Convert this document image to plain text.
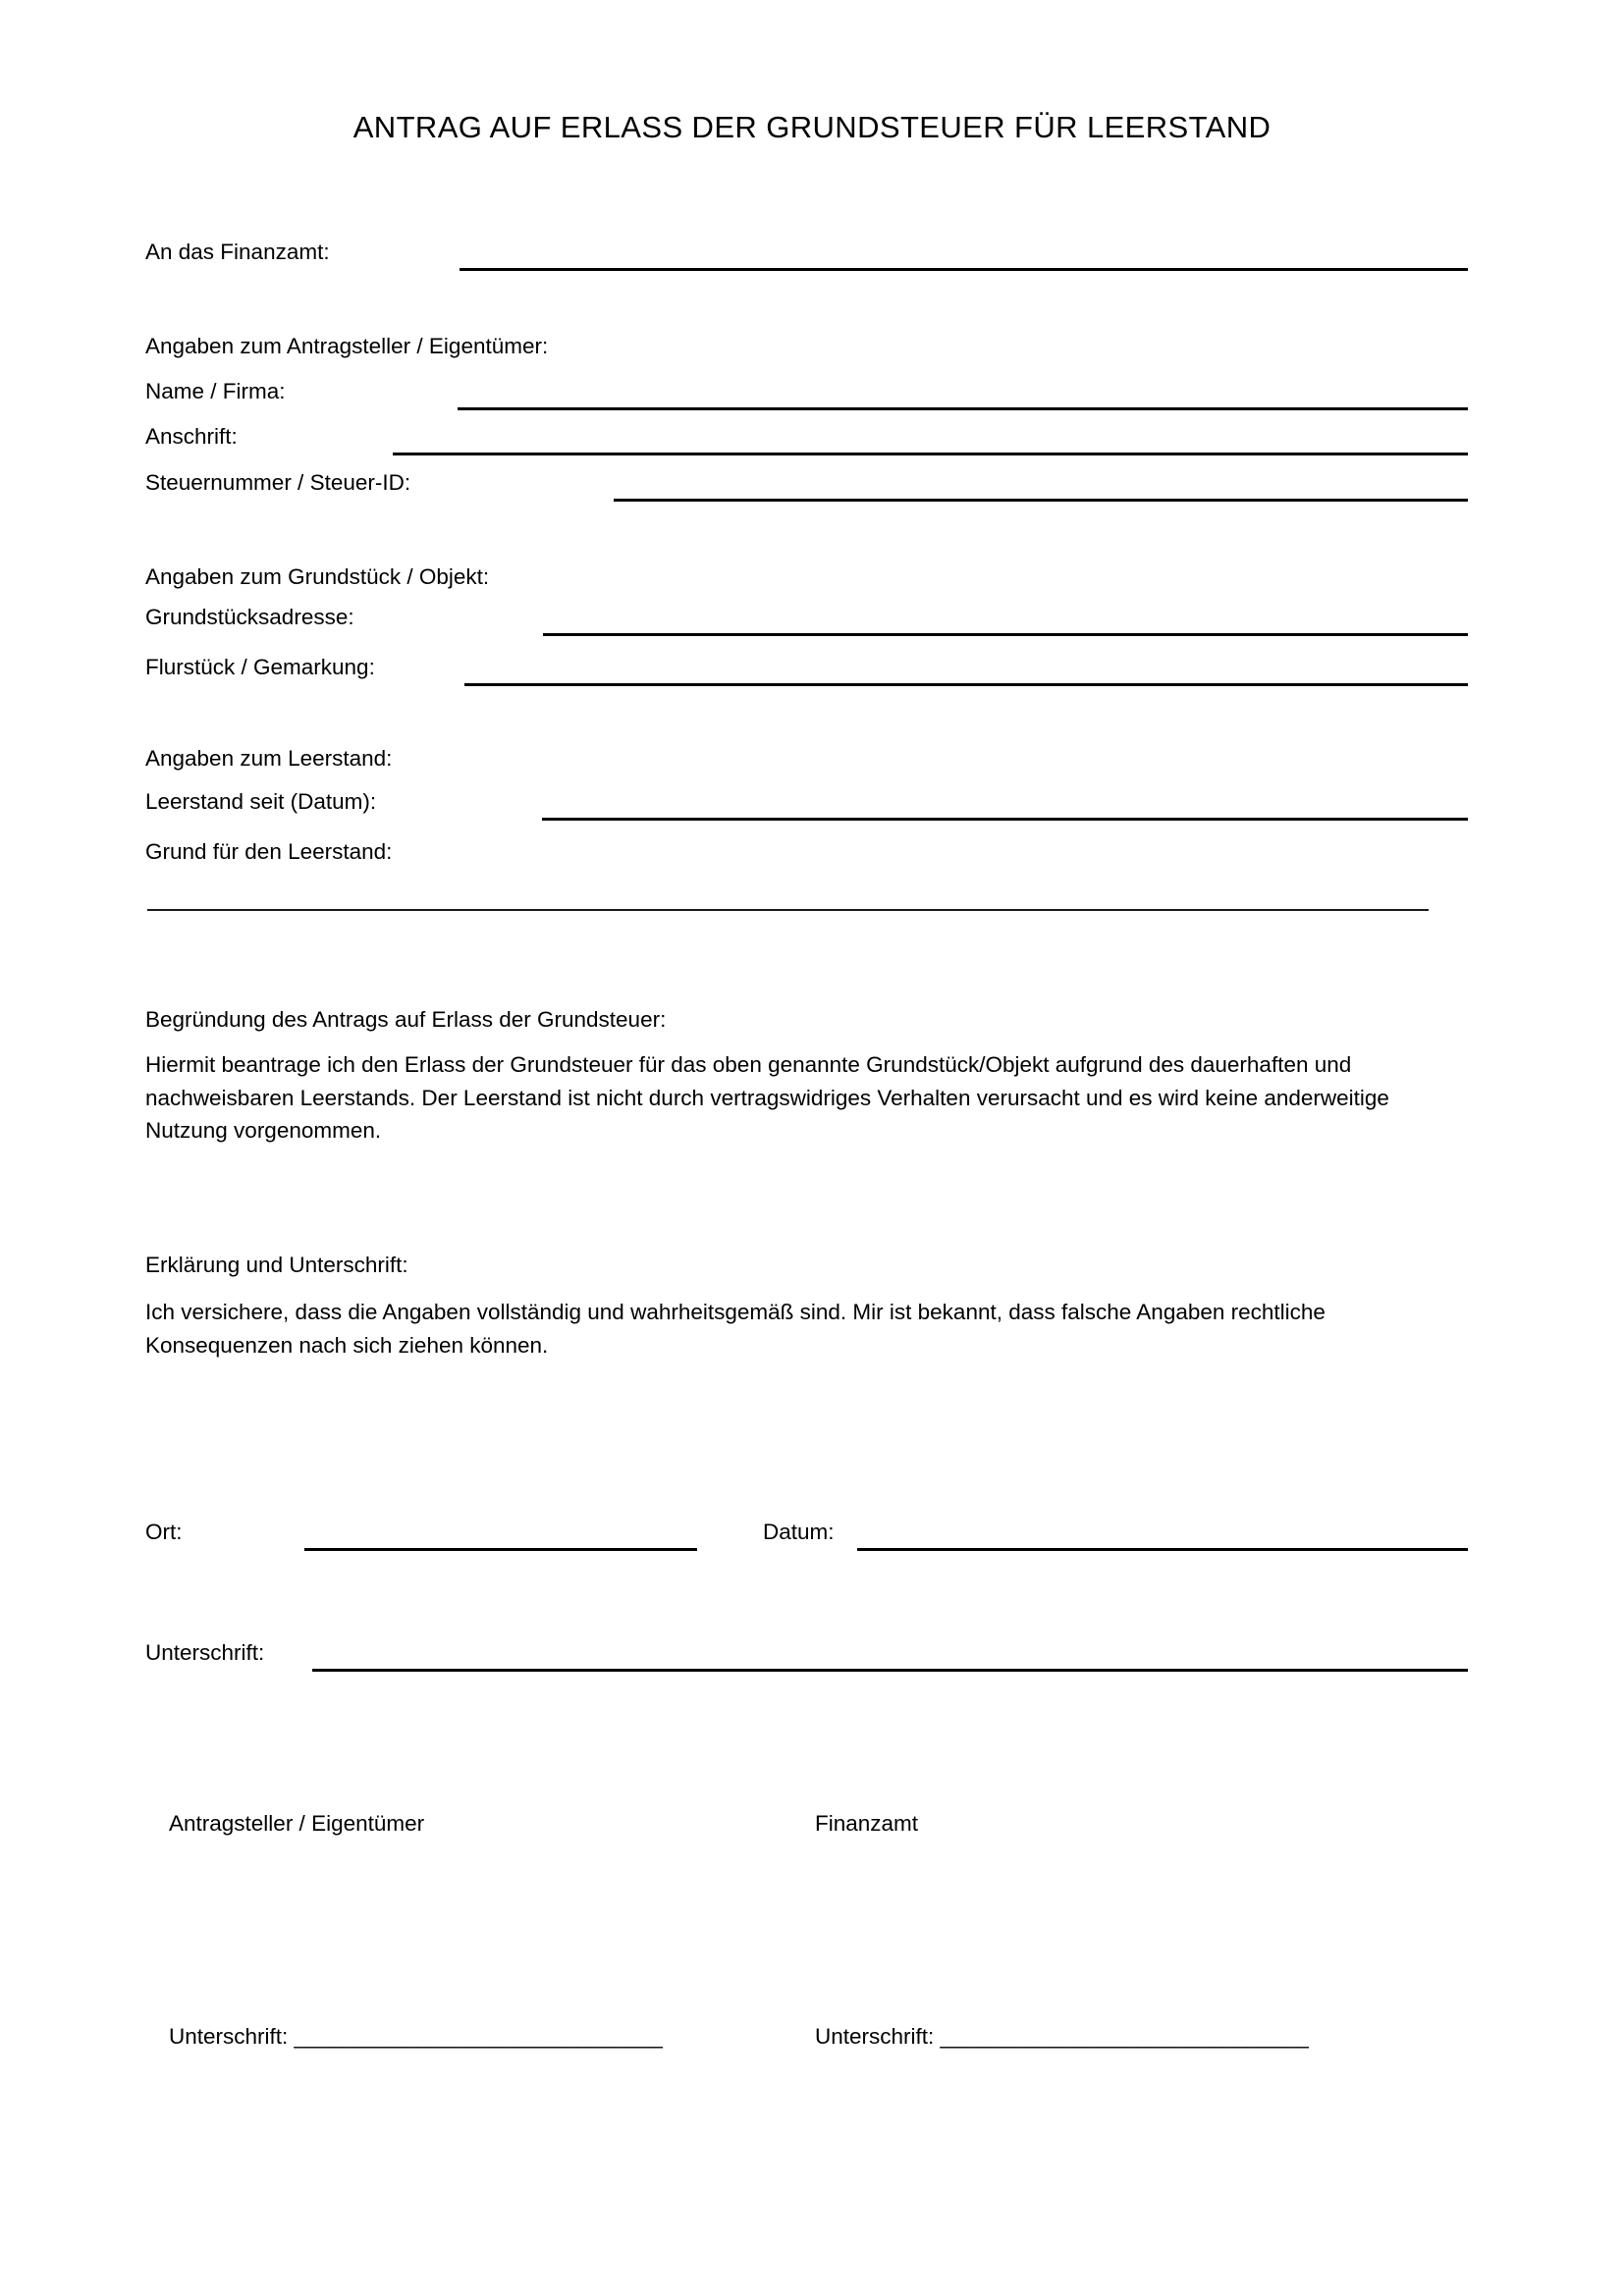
ANTRAG AUF ERLASS DER GRUNDSTEUER FÜR LEERSTAND
An das Finanzamt:
Angaben zum Antragsteller / Eigentümer:
Name / Firma:
Anschrift:
Steuernummer / Steuer-ID:
Angaben zum Grundstück / Objekt:
Grundstücksadresse:
Flurstück / Gemarkung:
Angaben zum Leerstand:
Leerstand seit (Datum):
Grund für den Leerstand:
Begründung des Antrags auf Erlass der Grundsteuer:
Hiermit beantrage ich den Erlass der Grundsteuer für das oben genannte Grundstück/Objekt aufgrund des dauerhaften und nachweisbaren Leerstands. Der Leerstand ist nicht durch vertragswidriges Verhalten verursacht und es wird keine anderweitige Nutzung vorgenommen.
Erklärung und Unterschrift:
Ich versichere, dass die Angaben vollständig und wahrheitsgemäß sind. Mir ist bekannt, dass falsche Angaben rechtliche Konsequenzen nach sich ziehen können.
Ort:	Datum:
Unterschrift:
Antragsteller / Eigentümer	Finanzamt
Unterschrift: ______________________________	Unterschrift: ______________________________
